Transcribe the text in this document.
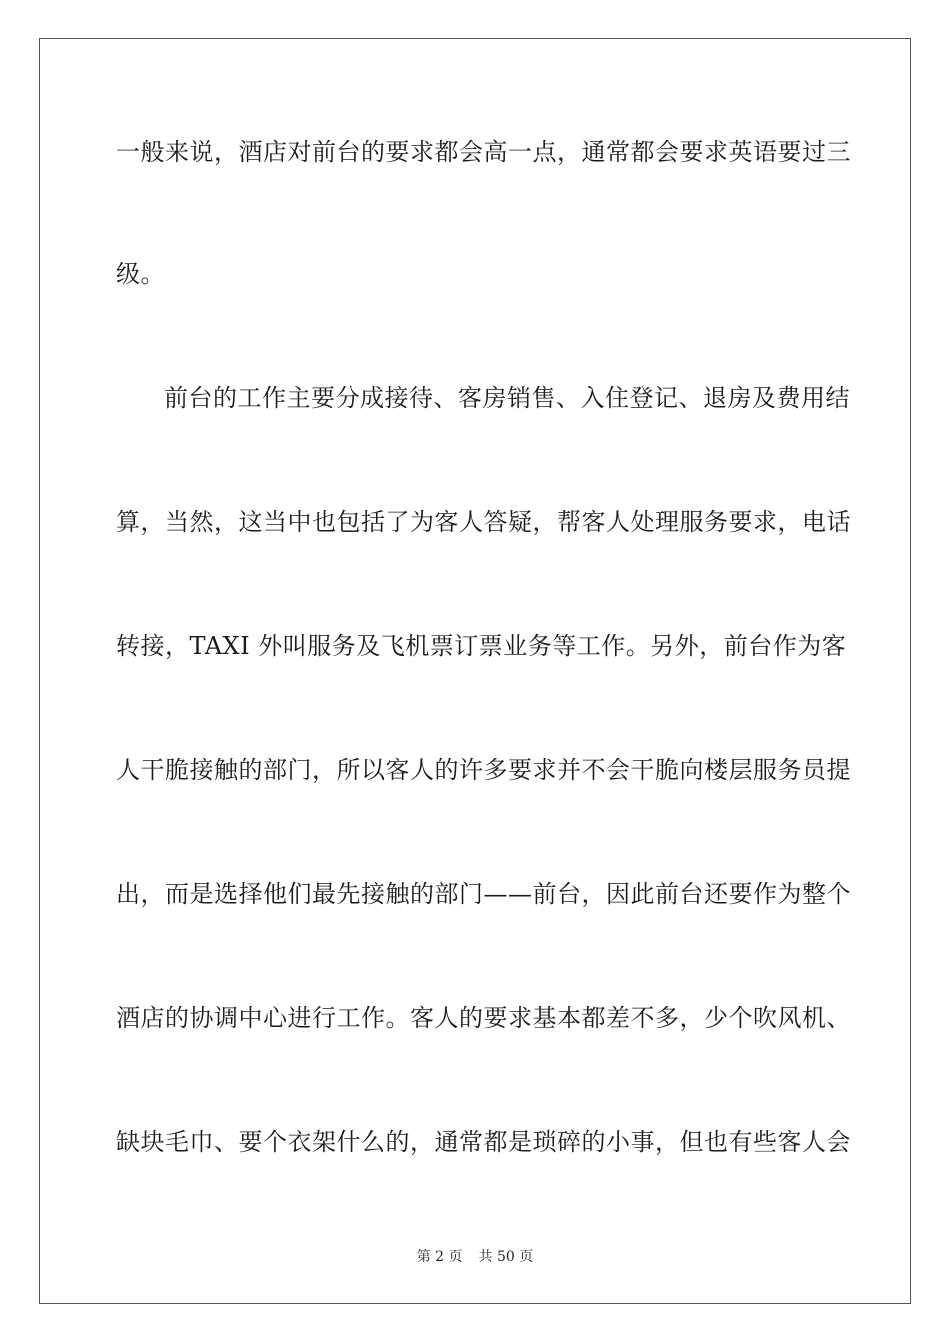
一般来说，酒店对前台的要求都会高一点，通常都会要求英语要过三
级。
前台的工作主要分成接待、客房销售、入住登记、退房及费用结
算，当然，这当中也包括了为客人答疑，帮客人处理服务要求，电话
转接，TAXI 外叫服务及飞机票订票业务等工作。另外，前台作为客
人干脆接触的部门，所以客人的许多要求并不会干脆向楼层服务员提
出，而是选择他们最先接触的部门——前台，因此前台还要作为整个
酒店的协调中心进行工作。客人的要求基本都差不多，少个吹风机、
缺块毛巾、要个衣架什么的，通常都是琐碎的小事，但也有些客人会
第 2 页 共 50 页
